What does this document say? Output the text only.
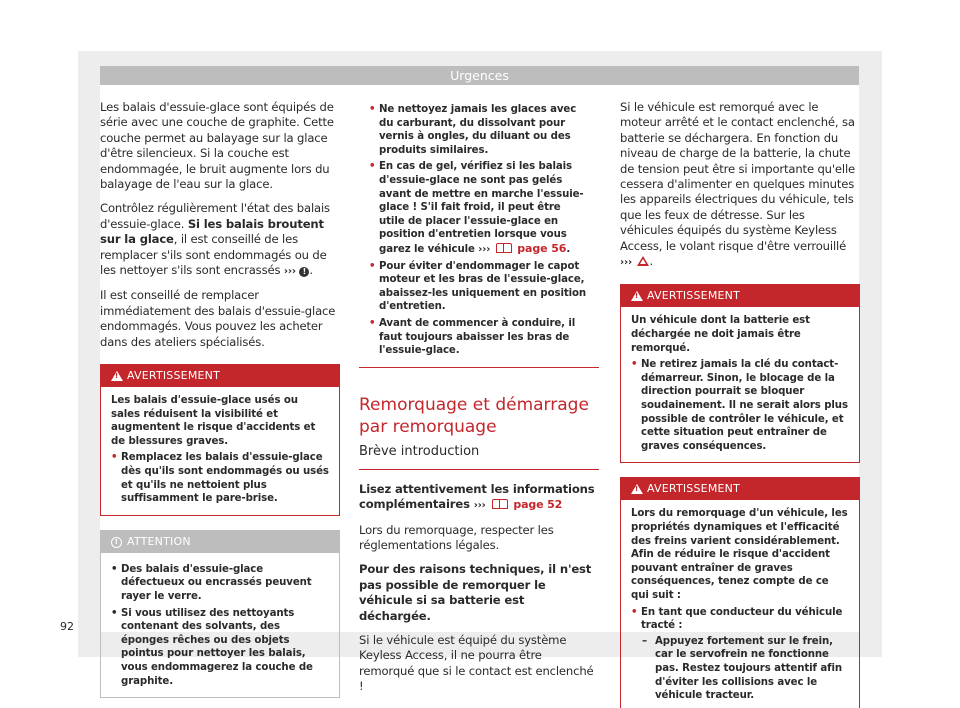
Urgences

Les balais d'essuie-glace sont équipés de série avec une couche de graphite. Cette couche permet au balayage sur la glace d'être silencieux. Si la couche est endommagée, le bruit augmente lors du balayage de l'eau sur la glace.

Contrôlez régulièrement l'état des balais d'essuie-glace. Si les balais broutent sur la glace, il est conseillé de les remplacer s'ils sont endommagés ou de les nettoyer s'ils sont encrassés ››› ! .

Il est conseillé de remplacer immédiatement des balais d'essuie-glace endommagés. Vous pouvez les acheter dans des ateliers spécialisés.

!
AVERTISSEMENT
Les balais d'essuie-glace usés ou sales réduisent la visibilité et augmentent le risque d'accidents et de blessures graves.
• Remplacez les balais d'essuie-glace dès qu'ils sont endommagés ou usés et qu'ils ne nettoient plus suffisamment le pare-brise.
! ATTENTION
• Des balais d'essuie-glace défectueux ou encrassés peuvent rayer le verre.
• Si vous utilisez des nettoyants contenant des solvants, des éponges rêches ou des objets pointus pour nettoyer les balais, vous endommagerez la couche de graphite.
• Ne nettoyez jamais les glaces avec du carburant, du dissolvant pour vernis à ongles, du diluant ou des produits similaires.
• En cas de gel, vérifiez si les balais d'essuie-glace ne sont pas gelés avant de mettre en marche l'essuie-glace ! S'il fait froid, il peut être utile de placer l'essuie-glace en position d'entretien lorsque vous garez le véhicule ››› page 56.
• Pour éviter d'endommager le capot moteur et les bras de l'essuie-glace, abaissez-les uniquement en position d'entretien.
• Avant de commencer à conduire, il faut toujours abaisser les bras de l'essuie-glace.
Remorquage et démarrage par remorquage
Brève introduction

Lisez attentivement les informations complémentaires ›››	page 52

Lors du remorquage, respecter les réglementations légales.

Pour des raisons techniques, il n'est pas possible de remorquer le véhicule si sa batterie est déchargée.

Si le véhicule est équipé du système Keyless Access, il ne pourra être remorqué que si le contact est enclenché !

Si le véhicule est remorqué avec le moteur arrêté et le contact enclenché, sa batterie se déchargera. En fonction du niveau de charge de la batterie, la chute de tension peut être si importante qu'elle cessera d'alimenter en quelques minutes les appareils électriques du véhicule, tels que les feux de détresse. Sur les véhicules équipés du système Keyless Access, le volant risque d'être verrouillé ››› .

!
AVERTISSEMENT
Un véhicule dont la batterie est déchargée ne doit jamais être remorqué.
• Ne retirez jamais la clé du contact-démarreur. Sinon, le blocage de la direction pourrait se bloquer soudainement. Il ne serait alors plus possible de contrôler le véhicule, et cette situation peut entraîner de graves conséquences.
!
AVERTISSEMENT
Lors du remorquage d'un véhicule, les propriétés dynamiques et l'efficacité des freins varient considérablement. Afin de réduire le risque d'accident pouvant entraîner de graves conséquences, tenez compte de ce qui suit :
• En tant que conducteur du véhicule tracté :
– Appuyez fortement sur le frein, car le servofrein ne fonctionne pas. Restez toujours attentif afin d'éviter les collisions avec le véhicule tracteur.
92
